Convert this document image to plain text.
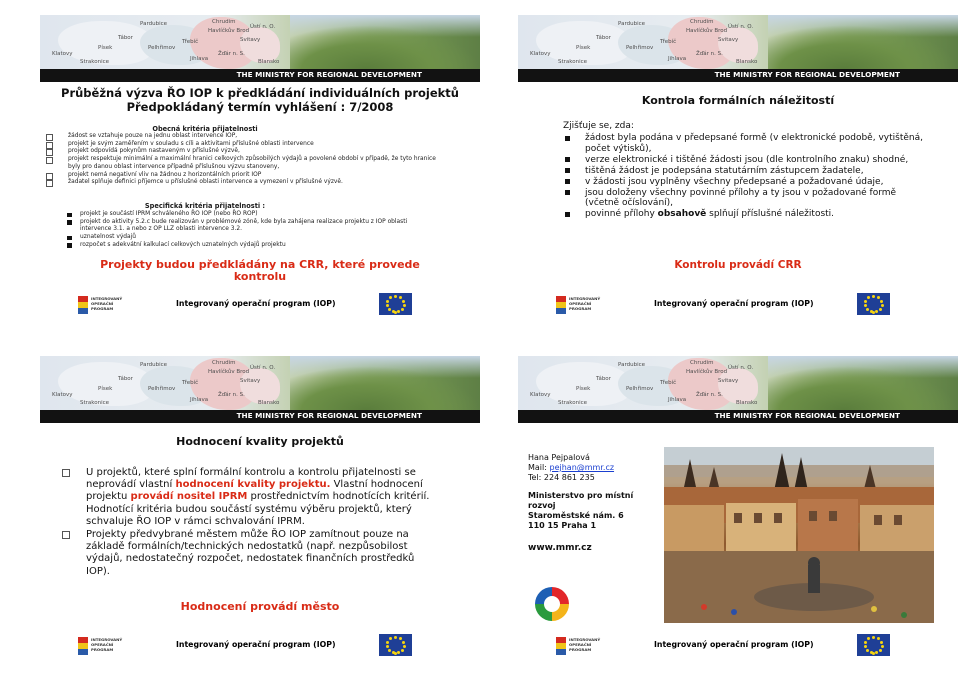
Chrudim
Havlíčkův Brod
Ústí n. O.
Pardubice
Svitavy
Třebíč
Žďár n. S.
Jihlava
Pelhřimov
Písek
Tábor
Blansko
Klatovy
Strakonice
THE MINISTRY FOR REGIONAL DEVELOPMENT
Průběžná výzva ŘO IOP k předkládání individuálních projektů
Předpokládaný termín vyhlášení : 7/2008
Obecná kritéria přijatelnosti
žádost se vztahuje pouze na jednu oblast intervence IOP,
projekt je svým zaměřením v souladu s cíli a aktivitami příslušné oblasti intervence
projekt odpovídá pokynům nastaveným v příslušné výzvě,
projekt respektuje minimální a maximální hranici celkových způsobilých výdajů a povolené období v případě, že tyto hranice byly pro danou oblast intervence případně příslušnou výzvu stanoveny,
projekt nemá negativní vliv na žádnou z horizontálních priorit IOP
žadatel splňuje definici příjemce u příslušné oblasti intervence a vymezení v příslušné výzvě.
Specifická kritéria přijatelnosti :
projekt je součástí IPRM schváleného ŘO IOP (nebo ŘO ROP)
projekt do aktivity 5.2.c bude realizován v problémové zóně, kde byla zahájena realizace projektu z IOP oblasti intervence 3.1. a nebo z OP LLZ oblasti intervence 3.2.
uznatelnost výdajů
rozpočet s adekvátní kalkulací celkových uznatelných výdajů projektu
Projekty budou předkládány na CRR, které provede
kontrolu
INTEGROVANÝ
OPERAČNÍ
PROGRAM
Integrovaný operační program (IOP)
Chrudim
Havlíčkův Brod
Ústí n. O.
Pardubice
Svitavy
Třebíč
Žďár n. S.
Jihlava
Pelhřimov
Písek
Tábor
Blansko
Klatovy
Strakonice
THE MINISTRY FOR REGIONAL DEVELOPMENT
Kontrola formálních náležitostí
Zjišťuje se, zda:
žádost byla podána v předepsané formě (v elektronické podobě, vytištěná, počet výtisků),
verze elektronické i tištěné žádosti jsou (dle kontrolního znaku) shodné,
tištěná žádost je podepsána statutárním zástupcem žadatele,
v žádosti jsou vyplněny všechny předepsané a požadované údaje,
jsou doloženy všechny povinné přílohy a ty jsou v požadované formě (včetně očíslování),
povinné přílohy obsahově splňují příslušné náležitosti.
Kontrolu provádí CRR
INTEGROVANÝ
OPERAČNÍ
PROGRAM
Integrovaný operační program (IOP)
Chrudim
Havlíčkův Brod
Ústí n. O.
Pardubice
Svitavy
Třebíč
Žďár n. S.
Jihlava
Pelhřimov
Písek
Tábor
Blansko
Klatovy
Strakonice
THE MINISTRY FOR REGIONAL DEVELOPMENT
Hodnocení kvality projektů
U projektů, které splní formální kontrolu a kontrolu přijatelnosti se neprovádí vlastní hodnocení kvality projektu. Vlastní hodnocení projektu provádí nositel IPRM prostřednictvím hodnotících kritérií. Hodnotící kritéria budou součástí systému výběru projektů, který schvaluje ŘO IOP v rámci schvalování IPRM.
Projekty předvybrané městem může ŘO IOP zamítnout pouze na základě formálních/technických nedostatků (např. nezpůsobilost výdajů, nedostatečný rozpočet, nedostatek finančních prostředků IOP).
Hodnocení provádí město
INTEGROVANÝ
OPERAČNÍ
PROGRAM
Integrovaný operační program (IOP)
Chrudim
Havlíčkův Brod
Ústí n. O.
Pardubice
Svitavy
Třebíč
Žďár n. S.
Jihlava
Pelhřimov
Písek
Tábor
Blansko
Klatovy
Strakonice
THE MINISTRY FOR REGIONAL DEVELOPMENT
Hana Pejpalová
Mail: pejhan@mmr.cz
Tel: 224 861 235
Ministerstvo pro místní
rozvoj
Staroměstské nám. 6
110 15 Praha 1
www.mmr.cz
INTEGROVANÝ
OPERAČNÍ
PROGRAM
Integrovaný operační program (IOP)
